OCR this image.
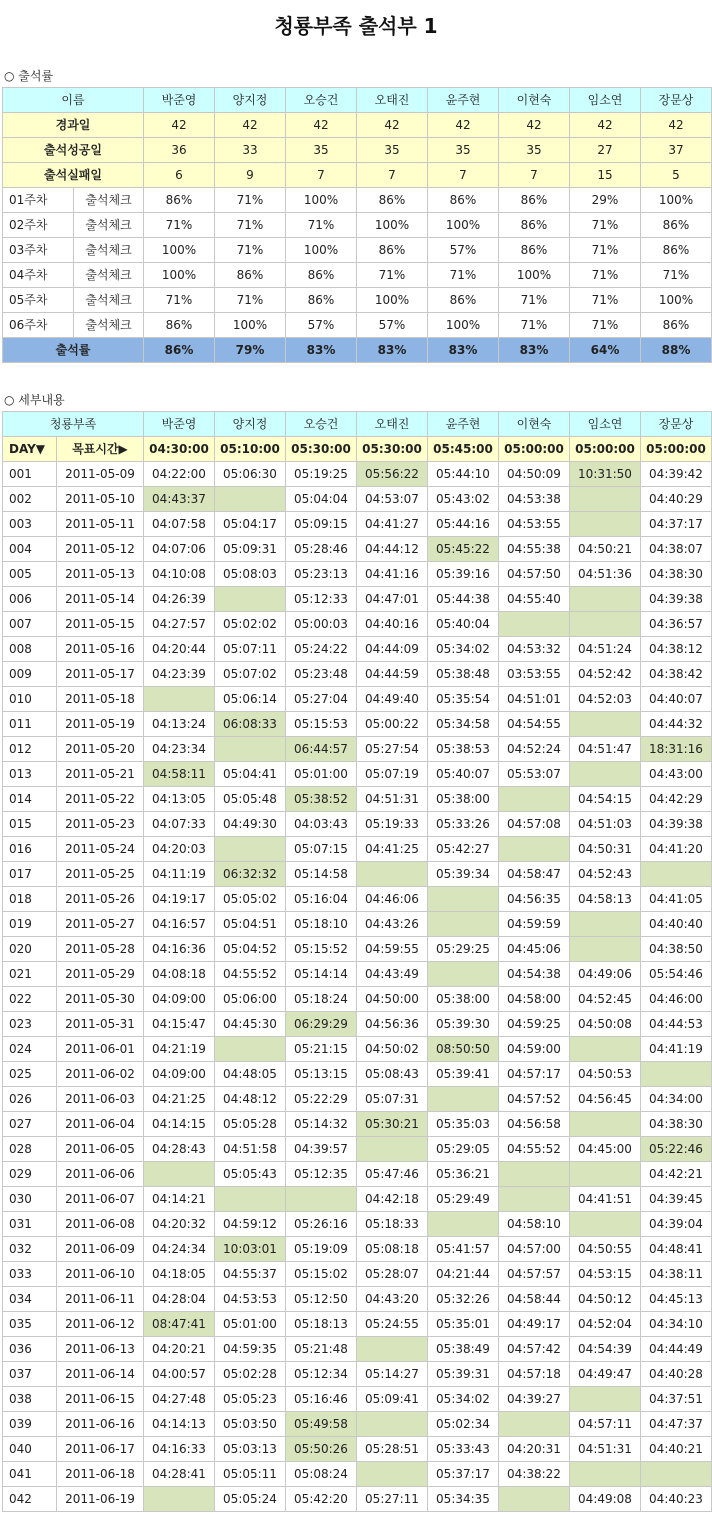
청룡부족 출석부 1
○ 출석률
이름		박준영	양지정	오승건	오태진	윤주현	이현숙	임소연	장문상
경과일		42	42	42	42	42	42	42	42
출석성공일		36	33	35	35	35	35	27	37
출석실패일		6	9	7	7	7	7	15	5
01주차	출석체크	86%	71%	100%	86%	86%	86%	29%	100%
02주차	출석체크	71%	71%	71%	100%	100%	86%	71%	86%
03주차	출석체크	100%	71%	100%	86%	57%	86%	71%	86%
04주차	출석체크	100%	86%	86%	71%	71%	100%	71%	71%
05주차	출석체크	71%	71%	86%	100%	86%	71%	71%	100%
06주차	출석체크	86%	100%	57%	57%	100%	71%	71%	86%
출석률		86%	79%	83%	83%	83%	83%	64%	88%
○ 세부내용
청룡부족		박준영	양지정	오승건	오태진	윤주현	이현숙	임소연	장문상
DAY▼	목표시간▶	04:30:00	05:10:00	05:30:00	05:30:00	05:45:00	05:00:00	05:00:00	05:00:00
001	2011-05-09	04:22:00	05:06:30	05:19:25	05:56:22	05:44:10	04:50:09	10:31:50	04:39:42
002	2011-05-10	04:43:37		05:04:04	04:53:07	05:43:02	04:53:38		04:40:29
003	2011-05-11	04:07:58	05:04:17	05:09:15	04:41:27	05:44:16	04:53:55		04:37:17
004	2011-05-12	04:07:06	05:09:31	05:28:46	04:44:12	05:45:22	04:55:38	04:50:21	04:38:07
005	2011-05-13	04:10:08	05:08:03	05:23:13	04:41:16	05:39:16	04:57:50	04:51:36	04:38:30
006	2011-05-14	04:26:39		05:12:33	04:47:01	05:44:38	04:55:40		04:39:38
007	2011-05-15	04:27:57	05:02:02	05:00:03	04:40:16	05:40:04			04:36:57
008	2011-05-16	04:20:44	05:07:11	05:24:22	04:44:09	05:34:02	04:53:32	04:51:24	04:38:12
009	2011-05-17	04:23:39	05:07:02	05:23:48	04:44:59	05:38:48	03:53:55	04:52:42	04:38:42
010	2011-05-18		05:06:14	05:27:04	04:49:40	05:35:54	04:51:01	04:52:03	04:40:07
011	2011-05-19	04:13:24	06:08:33	05:15:53	05:00:22	05:34:58	04:54:55		04:44:32
012	2011-05-20	04:23:34		06:44:57	05:27:54	05:38:53	04:52:24	04:51:47	18:31:16
013	2011-05-21	04:58:11	05:04:41	05:01:00	05:07:19	05:40:07	05:53:07		04:43:00
014	2011-05-22	04:13:05	05:05:48	05:38:52	04:51:31	05:38:00		04:54:15	04:42:29
015	2011-05-23	04:07:33	04:49:30	04:03:43	05:19:33	05:33:26	04:57:08	04:51:03	04:39:38
016	2011-05-24	04:20:03		05:07:15	04:41:25	05:42:27		04:50:31	04:41:20
017	2011-05-25	04:11:19	06:32:32	05:14:58		05:39:34	04:58:47	04:52:43	
018	2011-05-26	04:19:17	05:05:02	05:16:04	04:46:06		04:56:35	04:58:13	04:41:05
019	2011-05-27	04:16:57	05:04:51	05:18:10	04:43:26		04:59:59		04:40:40
020	2011-05-28	04:16:36	05:04:52	05:15:52	04:59:55	05:29:25	04:45:06		04:38:50
021	2011-05-29	04:08:18	04:55:52	05:14:14	04:43:49		04:54:38	04:49:06	05:54:46
022	2011-05-30	04:09:00	05:06:00	05:18:24	04:50:00	05:38:00	04:58:00	04:52:45	04:46:00
023	2011-05-31	04:15:47	04:45:30	06:29:29	04:56:36	05:39:30	04:59:25	04:50:08	04:44:53
024	2011-06-01	04:21:19		05:21:15	04:50:02	08:50:50	04:59:00		04:41:19
025	2011-06-02	04:09:00	04:48:05	05:13:15	05:08:43	05:39:41	04:57:17	04:50:53	
026	2011-06-03	04:21:25	04:48:12	05:22:29	05:07:31		04:57:52	04:56:45	04:34:00
027	2011-06-04	04:14:15	05:05:28	05:14:32	05:30:21	05:35:03	04:56:58		04:38:30
028	2011-06-05	04:28:43	04:51:58	04:39:57		05:29:05	04:55:52	04:45:00	05:22:46
029	2011-06-06		05:05:43	05:12:35	05:47:46	05:36:21			04:42:21
030	2011-06-07	04:14:21			04:42:18	05:29:49		04:41:51	04:39:45
031	2011-06-08	04:20:32	04:59:12	05:26:16	05:18:33		04:58:10		04:39:04
032	2011-06-09	04:24:34	10:03:01	05:19:09	05:08:18	05:41:57	04:57:00	04:50:55	04:48:41
033	2011-06-10	04:18:05	04:55:37	05:15:02	05:28:07	04:21:44	04:57:57	04:53:15	04:38:11
034	2011-06-11	04:28:04	04:53:53	05:12:50	04:43:20	05:32:26	04:58:44	04:50:12	04:45:13
035	2011-06-12	08:47:41	05:01:00	05:18:13	05:24:55	05:35:01	04:49:17	04:52:04	04:34:10
036	2011-06-13	04:20:21	04:59:35	05:21:48		05:38:49	04:57:42	04:54:39	04:44:49
037	2011-06-14	04:00:57	05:02:28	05:12:34	05:14:27	05:39:31	04:57:18	04:49:47	04:40:28
038	2011-06-15	04:27:48	05:05:23	05:16:46	05:09:41	05:34:02	04:39:27		04:37:51
039	2011-06-16	04:14:13	05:03:50	05:49:58		05:02:34		04:57:11	04:47:37
040	2011-06-17	04:16:33	05:03:13	05:50:26	05:28:51	05:33:43	04:20:31	04:51:31	04:40:21
041	2011-06-18	04:28:41	05:05:11	05:08:24		05:37:17	04:38:22		
042	2011-06-19		05:05:24	05:42:20	05:27:11	05:34:35		04:49:08	04:40:23
